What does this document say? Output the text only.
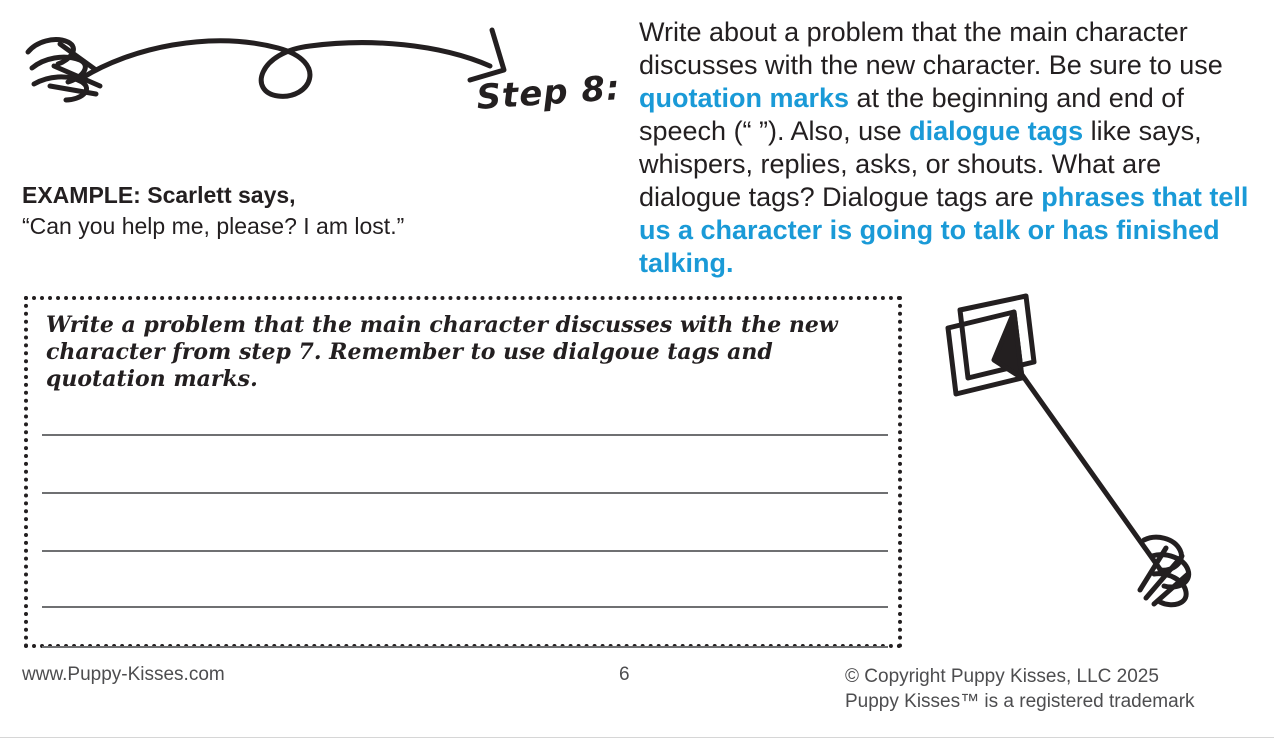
Step 8:
Write about a problem that the main character discusses with the new character. Be sure to use quotation marks at the beginning and end of speech (“ ”). Also, use dialogue tags like says, whispers, replies, asks, or shouts. What are dialogue tags? Dialogue tags are phrases that tell us a character is going to talk or has finished talking.
EXAMPLE: Scarlett says,
“Can you help me, please? I am lost.”
Write a problem that the main character discusses with the new character from step 7. Remember to use dialgoue tags and quotation marks.
www.Puppy-Kisses.com	6	© Copyright Puppy Kisses, LLC 2025
Puppy Kisses™ is a registered trademark
